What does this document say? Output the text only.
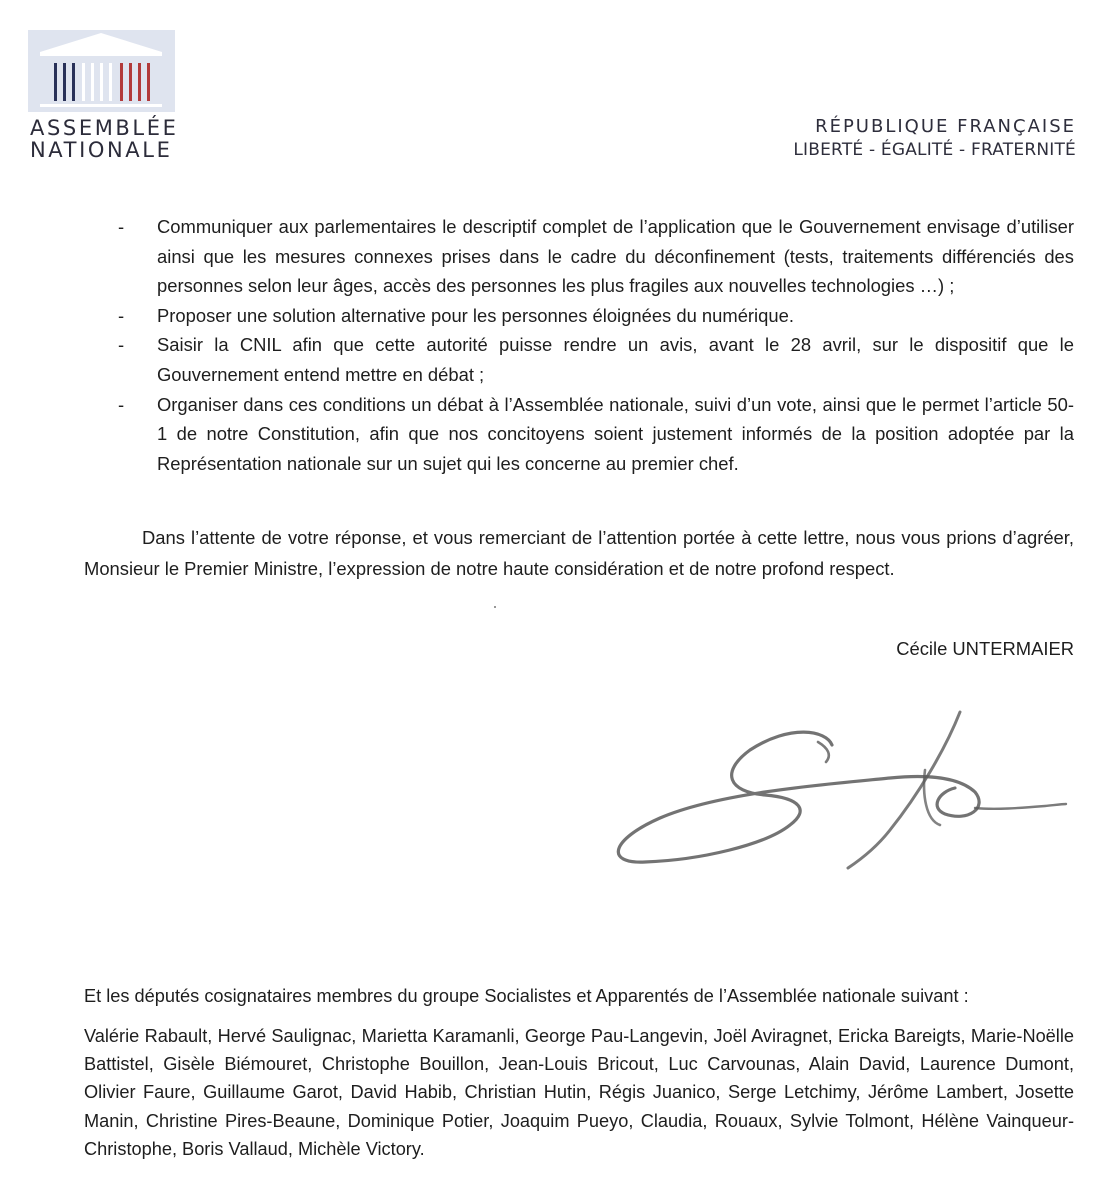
ASSEMBLÉE
NATIONALE
RÉPUBLIQUE FRANÇAISE
LIBERTÉ - ÉGALITÉ - FRATERNITÉ
- Communiquer aux parlementaires le descriptif complet de l’application que le Gouvernement envisage d’utiliser ainsi que les mesures connexes prises dans le cadre du déconfinement (tests, traitements différenciés des personnes selon leur âges, accès des personnes les plus fragiles aux nouvelles technologies …) ;
- Proposer une solution alternative pour les personnes éloignées du numérique.
- Saisir la CNIL afin que cette autorité puisse rendre un avis, avant le 28 avril, sur le dispositif que le Gouvernement entend mettre en débat ;
- Organiser dans ces conditions un débat à l’Assemblée nationale, suivi d’un vote, ainsi que le permet l’article 50-1 de notre Constitution, afin que nos concitoyens soient justement informés de la position adoptée par la Représentation nationale sur un sujet qui les concerne au premier chef.

Dans l’attente de votre réponse, et vous remerciant de l’attention portée à cette lettre, nous vous prions d’agréer, Monsieur le Premier Ministre, l’expression de notre haute considération et de notre profond respect.

Cécile UNTERMAIER
Et les députés cosignataires membres du groupe Socialistes et Apparentés de l’Assemblée nationale suivant :

Valérie Rabault, Hervé Saulignac, Marietta Karamanli, George Pau-Langevin, Joël Aviragnet, Ericka Bareigts, Marie-Noëlle Battistel, Gisèle Biémouret, Christophe Bouillon, Jean-Louis Bricout, Luc Carvounas, Alain David, Laurence Dumont, Olivier Faure, Guillaume Garot, David Habib, Christian Hutin, Régis Juanico, Serge Letchimy, Jérôme Lambert, Josette Manin, Christine Pires-Beaune, Dominique Potier, Joaquim Pueyo, Claudia, Rouaux, Sylvie Tolmont, Hélène Vainqueur-Christophe, Boris Vallaud, Michèle Victory.
